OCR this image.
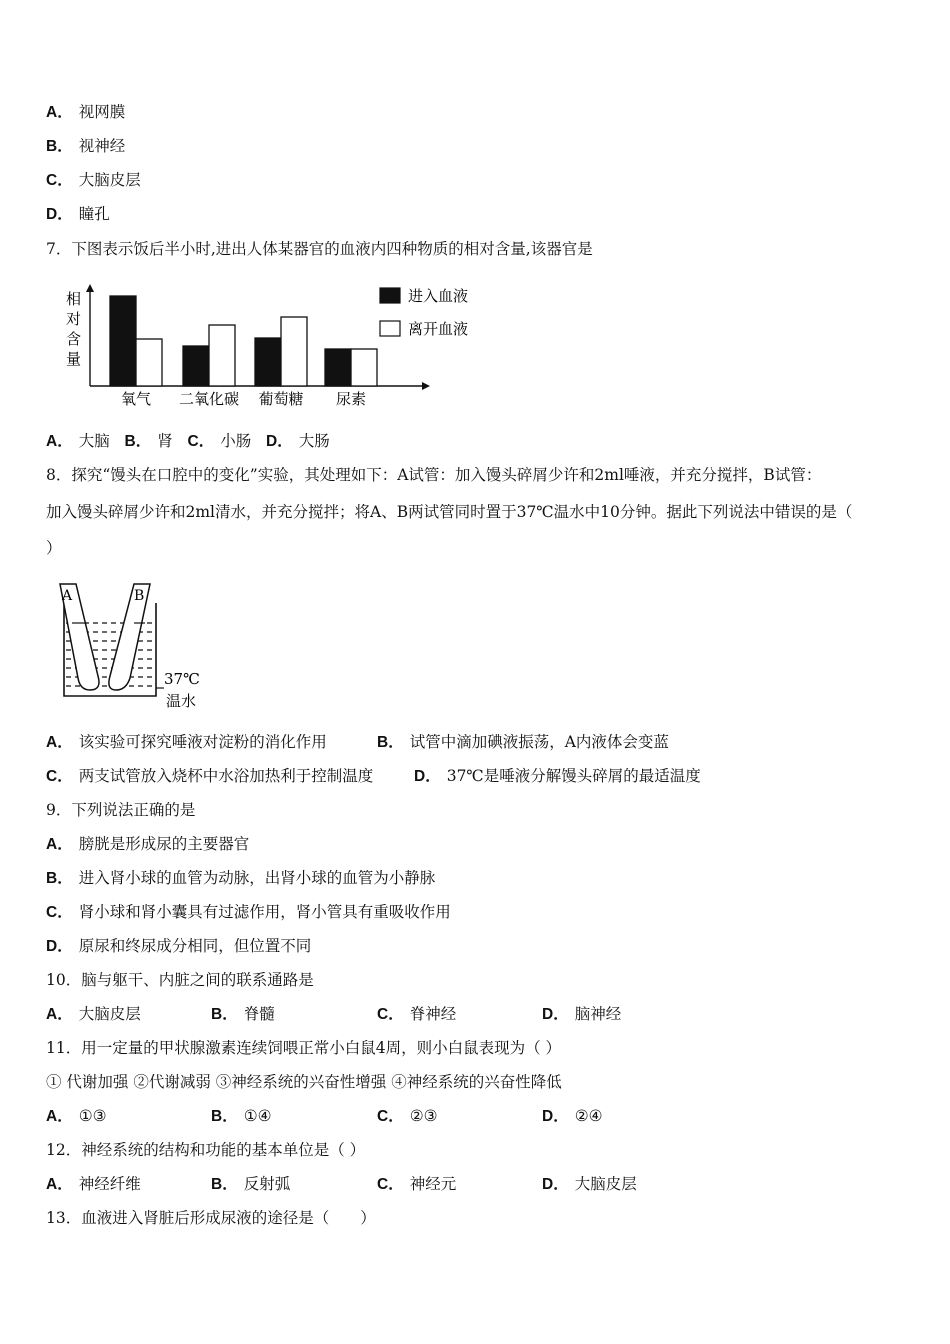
A． 视网膜
B． 视神经
C． 大脑皮层
D． 瞳孔
7．下图表示饭后半小时,进出人体某器官的血液内四种物质的相对含量,该器官是
相
对
含
量
氧气 二氧化碳 葡萄糖 尿素
进入血液
离开血液
A． 大脑 B． 肾 C． 小肠 D． 大肠
8．探究“馒头在口腔中的变化”实验，其处理如下：A试管：加入馒头碎屑少许和2ml唾液，并充分搅拌，B试管：
加入馒头碎屑少许和2ml清水，并充分搅拌；将A、B两试管同时置于37℃温水中10分钟。据此下列说法中错误的是（
）
A	B
37℃
温水
A． 该实验可探究唾液对淀粉的消化作用	B． 试管中滴加碘液振荡，A内液体会变蓝
C． 两支试管放入烧杯中水浴加热利于控制温度	D． 37℃是唾液分解馒头碎屑的最适温度
9．下列说法正确的是
A． 膀胱是形成尿的主要器官
B． 进入肾小球的血管为动脉，出肾小球的血管为小静脉
C． 肾小球和肾小囊具有过滤作用，肾小管具有重吸收作用
D． 原尿和终尿成分相同，但位置不同
10．脑与躯干、内脏之间的联系通路是
A． 大脑皮层	B． 脊髓	C． 脊神经	D． 脑神经
11．用一定量的甲状腺激素连续饲喂正常小白鼠4周，则小白鼠表现为（ ）
① 代谢加强 ②代谢减弱 ③神经系统的兴奋性增强 ④神经系统的兴奋性降低
A． ①③	B． ①④	C． ②③	D． ②④
12．神经系统的结构和功能的基本单位是（ ）
A． 神经纤维	B． 反射弧	C． 神经元	D． 大脑皮层
13．血液进入肾脏后形成尿液的途径是（　　）
